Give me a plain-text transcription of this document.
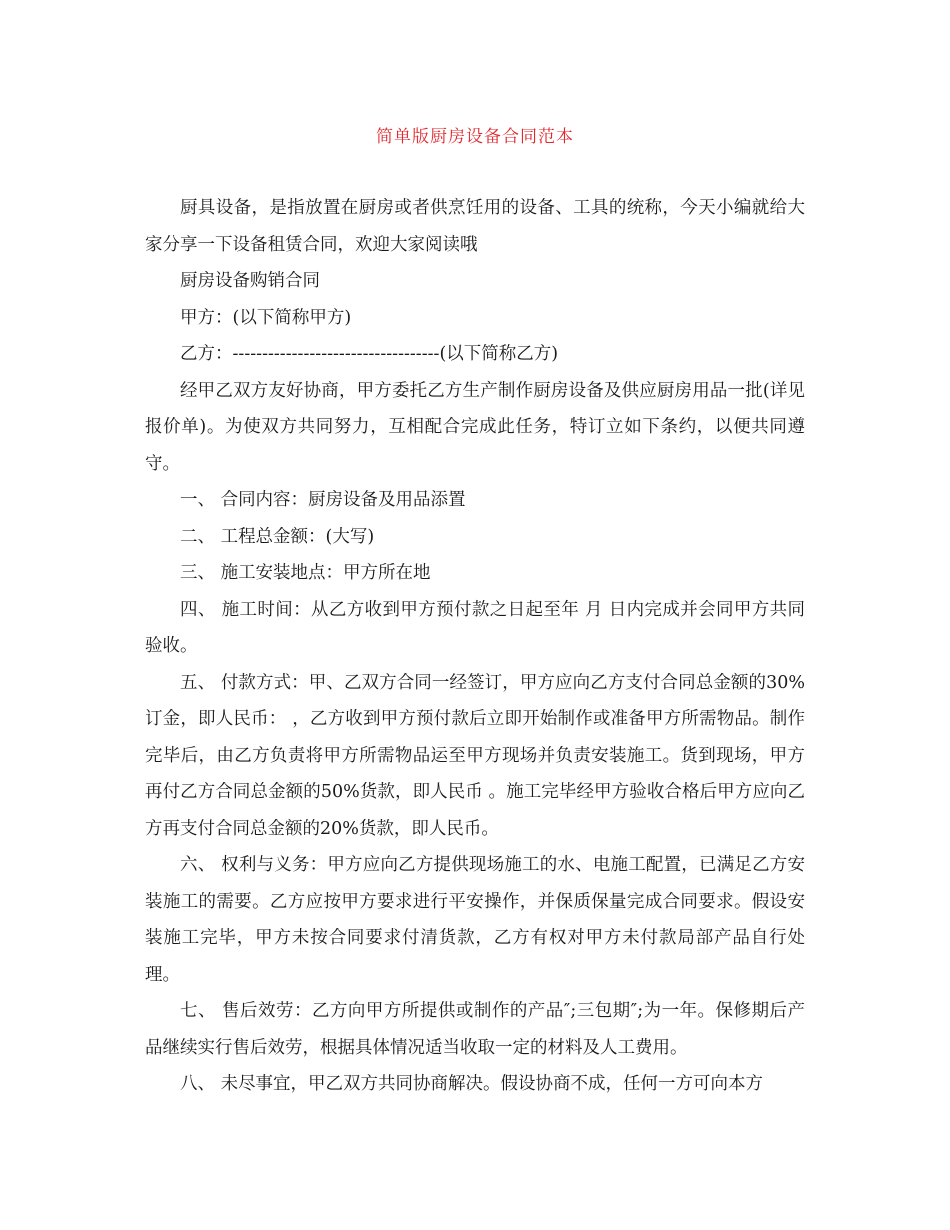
简单版厨房设备合同范本

厨具设备，是指放置在厨房或者供烹饪用的设备、工具的统称，今天小编就给大家分享一下设备租赁合同，欢迎大家阅读哦

厨房设备购销合同

甲方：(以下简称甲方)

乙方：-----------------------------------(以下简称乙方)

经甲乙双方友好协商，甲方委托乙方生产制作厨房设备及供应厨房用品一批(详见报价单)。为使双方共同努力，互相配合完成此任务，特订立如下条约，以便共同遵守。

一、 合同内容：厨房设备及用品添置

二、 工程总金额：(大写)

三、 施工安装地点：甲方所在地

四、 施工时间：从乙方收到甲方预付款之日起至年 月 日内完成并会同甲方共同验收。

五、 付款方式：甲、乙双方合同一经签订，甲方应向乙方支付合同总金额的30%订金，即人民币： ，乙方收到甲方预付款后立即开始制作或准备甲方所需物品。制作完毕后，由乙方负责将甲方所需物品运至甲方现场并负责安装施工。货到现场，甲方再付乙方合同总金额的50%货款，即人民币 。施工完毕经甲方验收合格后甲方应向乙方再支付合同总金额的20%货款，即人民币。

六、 权利与义务：甲方应向乙方提供现场施工的水、电施工配置，已满足乙方安装施工的需要。乙方应按甲方要求进行平安操作，并保质保量完成合同要求。假设安装施工完毕，甲方未按合同要求付清货款，乙方有权对甲方未付款局部产品自行处理。

七、 售后效劳：乙方向甲方所提供或制作的产品″;三包期″;为一年。保修期后产品继续实行售后效劳，根据具体情况适当收取一定的材料及人工费用。

八、 未尽事宜，甲乙双方共同协商解决。假设协商不成，任何一方可向本方
